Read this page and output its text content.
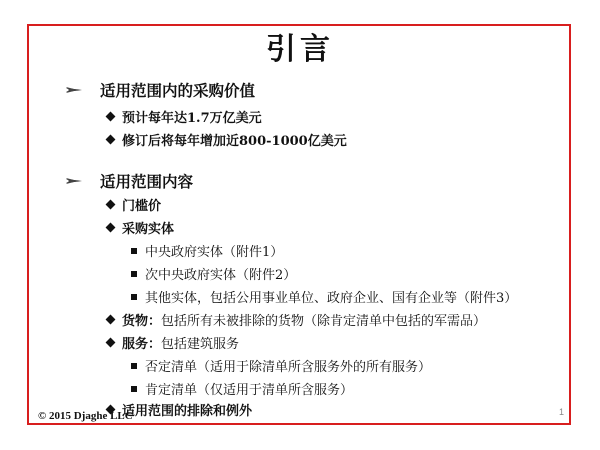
引言
适用范围内的采购价值
预计每年达1.7万亿美元
修订后将每年增加近800-1000亿美元
适用范围内容
门槛价
采购实体
中央政府实体（附件1）
次中央政府实体（附件2）
其他实体，包括公用事业单位、政府企业、国有企业等（附件3）
货物： 包括所有未被排除的货物（除肯定清单中包括的军需品）
服务： 包括建筑服务
否定清单（适用于除清单所含服务外的所有服务）
肯定清单（仅适用于清单所含服务）
适用范围的排除和例外
© 2015 Djaghe LLC	1
